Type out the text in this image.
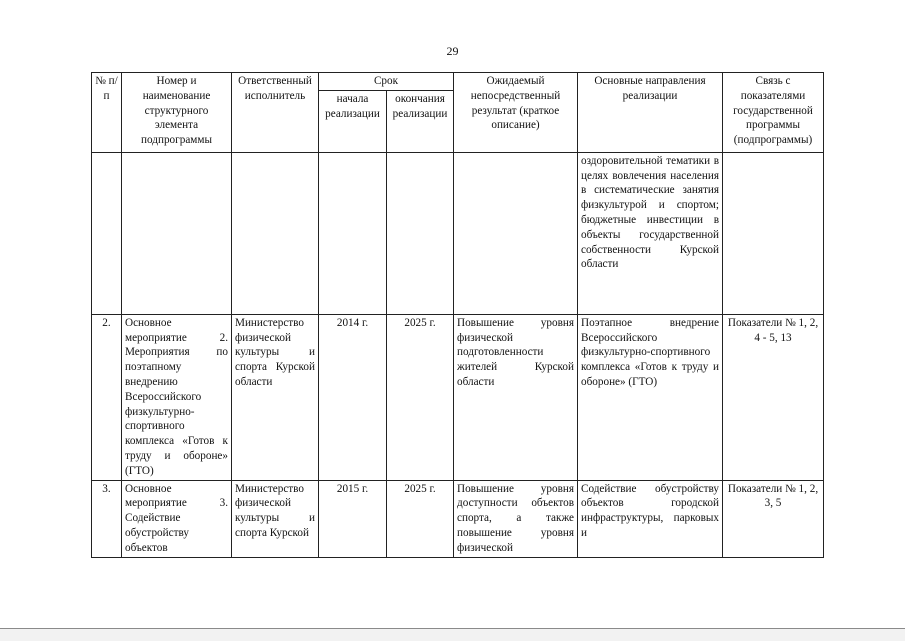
29
№ п/п	Номер и наименование структурного элемента подпрограммы	Ответственный исполнитель	Срок		Ожидаемый непосредственный результат (краткое описание)	Основные направления реализации	Связь с показателями государственной программы (подпрограммы)
			начала реализации	окончания реализации			
						оздоровительной тематики в целях вовлечения населения в систематические занятия физкультурой и спортом; бюджетные инвестиции в объекты государственной собственности Курской области	
2.	Основное мероприятие 2. Мероприятия по поэтапному внедрению Всероссийского физкультурно-спортивного комплекса «Готов к труду и обороне» (ГТО)	Министерство физической культуры и спорта Курской области	2014 г.	2025 г.	Повышение уровня физической подготовленности жителей Курской области	Поэтапное внедрение Всероссийского физкультурно-спортивного комплекса «Готов к труду и обороне» (ГТО)	Показатели № 1, 2, 4 - 5, 13
3.	Основное мероприятие 3. Содействие обустройству объектов	Министерство физической культуры и спорта Курской	2015 г.	2025 г.	Повышение уровня доступности объектов спорта, а также повышение уровня физической	Содействие обустройству объектов городской инфраструктуры, парковых и	Показатели № 1, 2, 3, 5
